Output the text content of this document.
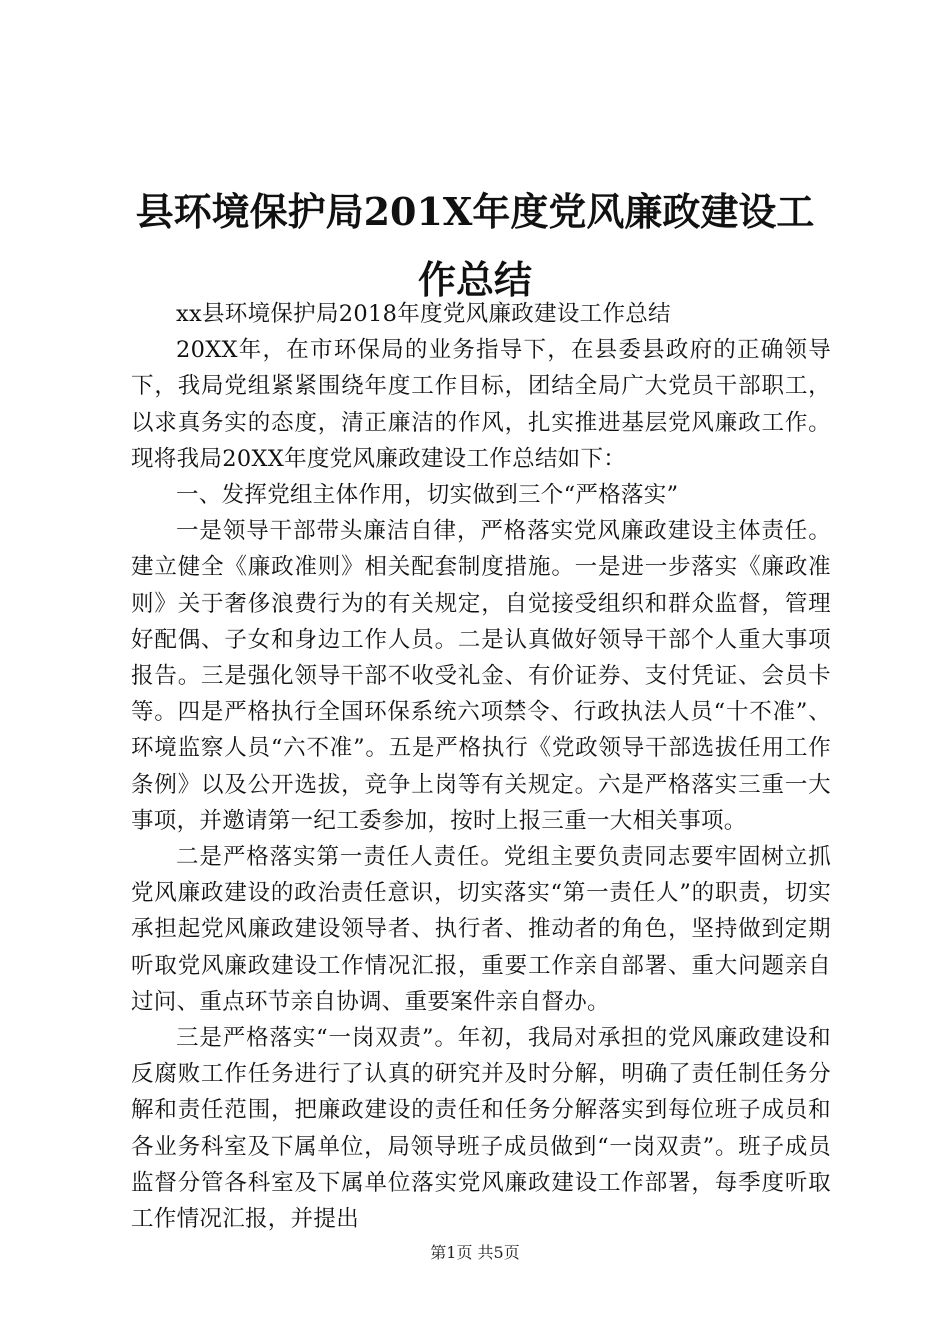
县环境保护局201X年度党风廉政建设工作总结

xx县环境保护局2018年度党风廉政建设工作总结

20XX年，在市环保局的业务指导下，在县委县政府的正确领导下，我局党组紧紧围绕年度工作目标，团结全局广大党员干部职工，以求真务实的态度，清正廉洁的作风，扎实推进基层党风廉政工作。现将我局20XX年度党风廉政建设工作总结如下：

一、发挥党组主体作用，切实做到三个“严格落实”

一是领导干部带头廉洁自律，严格落实党风廉政建设主体责任。建立健全《廉政准则》相关配套制度措施。一是进一步落实《廉政准则》关于奢侈浪费行为的有关规定，自觉接受组织和群众监督，管理好配偶、子女和身边工作人员。二是认真做好领导干部个人重大事项报告。三是强化领导干部不收受礼金、有价证券、支付凭证、会员卡等。四是严格执行全国环保系统六项禁令、行政执法人员“十不准”、环境监察人员“六不准”。五是严格执行《党政领导干部选拔任用工作条例》以及公开选拔，竞争上岗等有关规定。六是严格落实三重一大事项，并邀请第一纪工委参加，按时上报三重一大相关事项。

二是严格落实第一责任人责任。党组主要负责同志要牢固树立抓党风廉政建设的政治责任意识，切实落实“第一责任人”的职责，切实承担起党风廉政建设领导者、执行者、推动者的角色，坚持做到定期听取党风廉政建设工作情况汇报，重要工作亲自部署、重大问题亲自过问、重点环节亲自协调、重要案件亲自督办。

三是严格落实“一岗双责”。年初，我局对承担的党风廉政建设和反腐败工作任务进行了认真的研究并及时分解，明确了责任制任务分解和责任范围，把廉政建设的责任和任务分解落实到每位班子成员和各业务科室及下属单位，局领导班子成员做到“一岗双责”。班子成员监督分管各科室及下属单位落实党风廉政建设工作部署，每季度听取工作情况汇报，并提出

第1页 共5页
